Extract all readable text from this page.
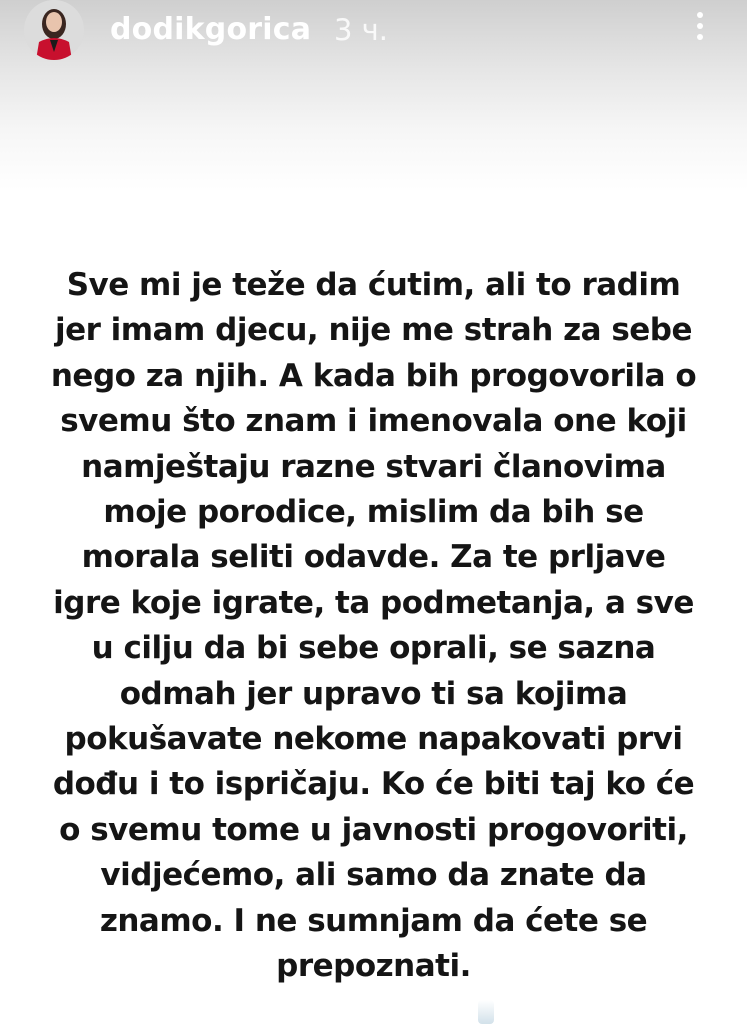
dodikgorica 3 ч.

Sve mi je teže da ćutim, ali to radim
jer imam djecu, nije me strah za sebe
nego za njih. A kada bih progovorila o
svemu što znam i imenovala one koji
namještaju razne stvari članovima
moje porodice, mislim da bih se
morala seliti odavde. Za te prljave
igre koje igrate, ta podmetanja, a sve
u cilju da bi sebe oprali, se sazna
odmah jer upravo ti sa kojima
pokušavate nekome napakovati prvi
dođu i to ispričaju. Ko će biti taj ko će
o svemu tome u javnosti progovoriti,
vidjećemo, ali samo da znate da
znamo. I ne sumnjam da ćete se
prepoznati.
